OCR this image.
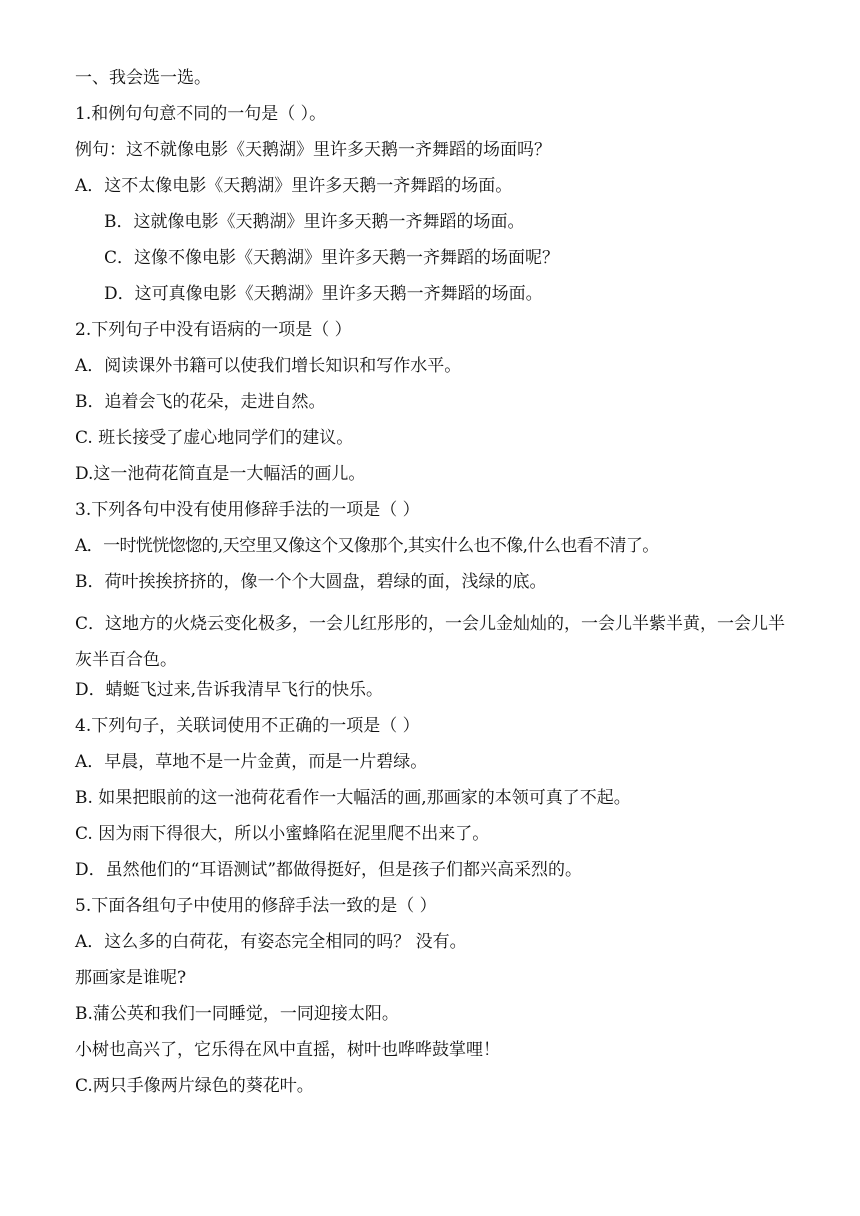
一、我会选一选。
1.和例句句意不同的一句是（ ）。
例句：这不就像电影《天鹅湖》里许多天鹅一齐舞蹈的场面吗？
A．这不太像电影《天鹅湖》里许多天鹅一齐舞蹈的场面。
B．这就像电影《天鹅湖》里许多天鹅一齐舞蹈的场面。
C．这像不像电影《天鹅湖》里许多天鹅一齐舞蹈的场面呢？
D．这可真像电影《天鹅湖》里许多天鹅一齐舞蹈的场面。
2.下列句子中没有语病的一项是（ ）
A．阅读课外书籍可以使我们增长知识和写作水平。
B．追着会飞的花朵，走进自然。
C. 班长接受了虚心地同学们的建议。
D.这一池荷花简直是一大幅活的画儿。
3.下列各句中没有使用修辞手法的一项是（ ）
A．一时恍恍惚惚的,天空里又像这个又像那个,其实什么也不像,什么也看不清了。
B．荷叶挨挨挤挤的，像一个个大圆盘，碧绿的面，浅绿的底。
C．这地方的火烧云变化极多，一会儿红彤彤的，一会儿金灿灿的，一会儿半紫半黄，一会儿半灰半百合色。
D．蜻蜓飞过来,告诉我清早飞行的快乐。
4.下列句子，关联词使用不正确的一项是（ ）
A．早晨，草地不是一片金黄，而是一片碧绿。
B. 如果把眼前的这一池荷花看作一大幅活的画,那画家的本领可真了不起。
C. 因为雨下得很大，所以小蜜蜂陷在泥里爬不出来了。
D．虽然他们的“耳语测试”都做得挺好，但是孩子们都兴高采烈的。
5.下面各组句子中使用的修辞手法一致的是（ ）
A．这么多的白荷花，有姿态完全相同的吗？ 没有。
那画家是谁呢?
B.蒲公英和我们一同睡觉，一同迎接太阳。
小树也高兴了，它乐得在风中直摇，树叶也哗哗鼓掌哩！
C.两只手像两片绿色的葵花叶。
